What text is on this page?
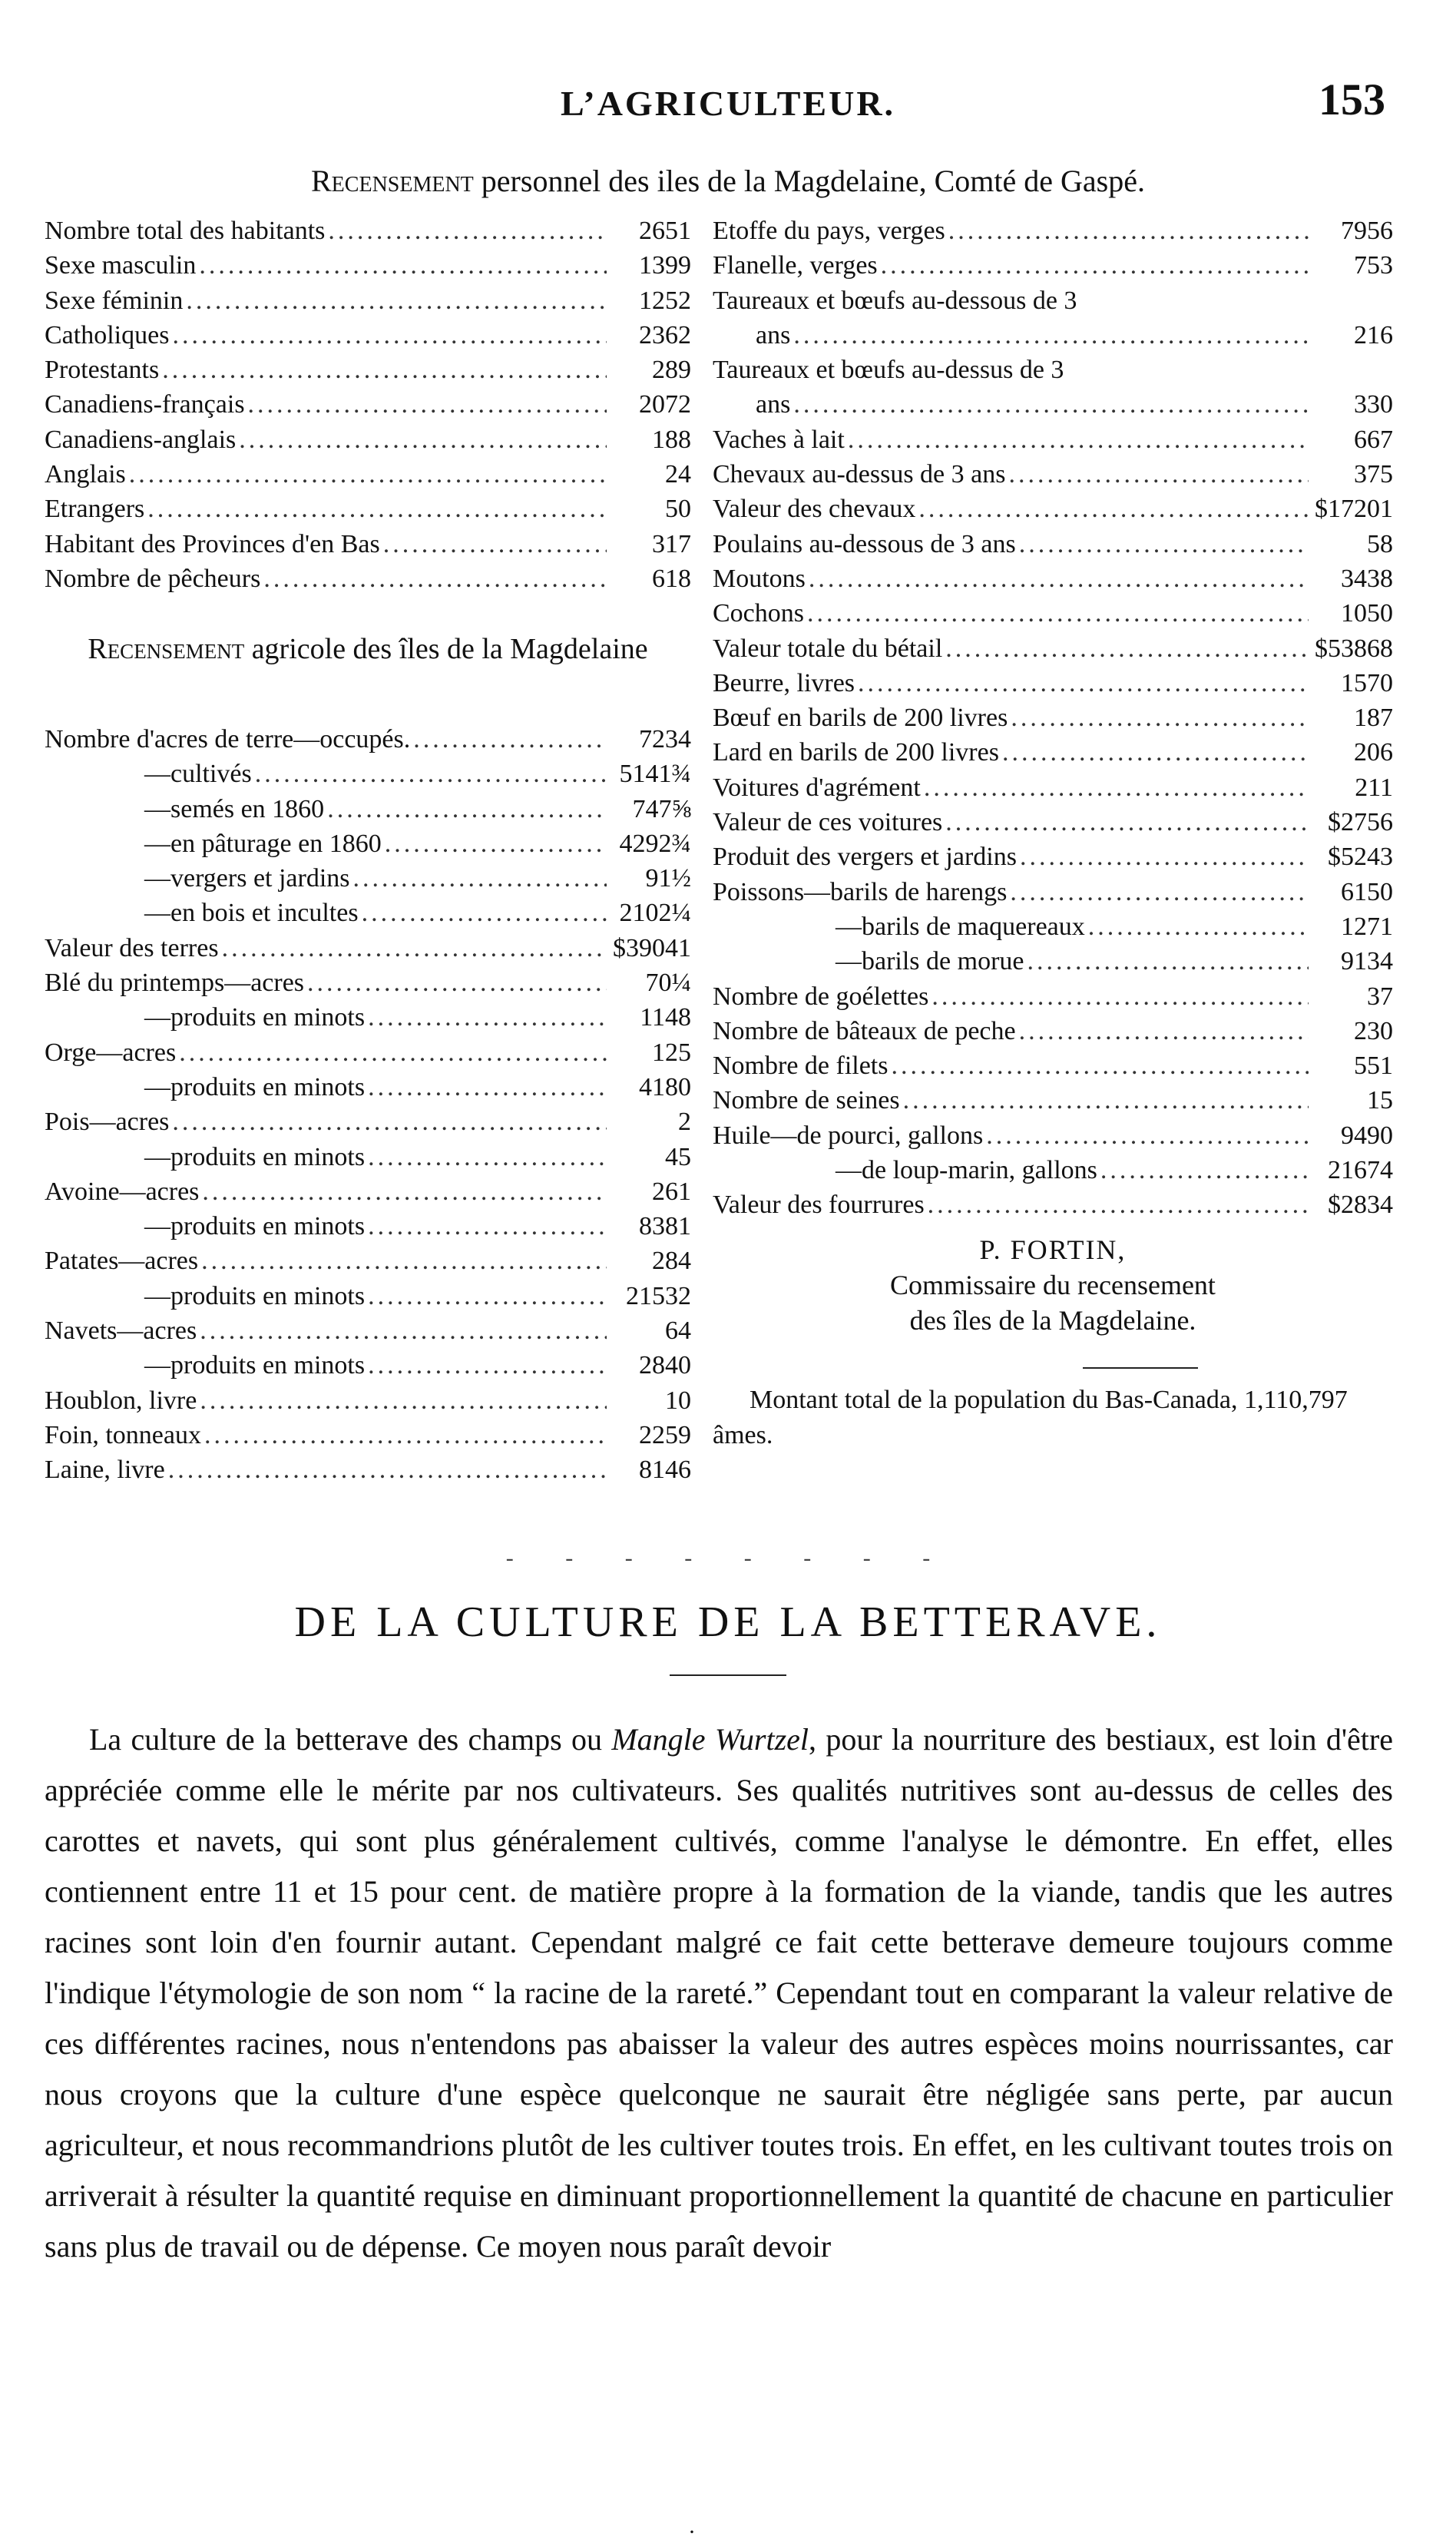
L’AGRICULTEUR.	153
Recensement personnel des iles de la Magdelaine, Comté de Gaspé.
Nombre total des habitants .....	2651
Sexe masculin .....	1399
Sexe féminin .....	1252
Catholiques .....	2362
Protestants .....	289
Canadiens-français .....	2072
Canadiens-anglais .....	188
Anglais .....	24
Etrangers .....	50
Habitant des Provinces d'en Bas .....	317
Nombre de pêcheurs .....	618
Recensement agricole des îles de la Magdelaine
Nombre d'acres de terre—occupés. .....	7234
—cultivés .....	5141¾
—semés en 1860 .....	747⅝
—en pâturage en 1860 .....	4292¾
—vergers et jardins .....	91½
—en bois et incultes .....	2102¼
Valeur des terres .....	$39041
Blé du printemps—acres .....	70¼
—produits en minots .....	1148
Orge—acres .....	125
—produits en minots .....	4180
Pois—acres .....	2
—produits en minots .....	45
Avoine—acres .....	261
—produits en minots .....	8381
Patates—acres .....	284
—produits en minots .....	21532
Navets—acres .....	64
—produits en minots .....	2840
Houblon, livre .....	10
Foin, tonneaux .....	2259
Laine, livre .....	8146
Etoffe du pays, verges .....	7956
Flanelle, verges .....	753
Taureaux et bœufs au-dessous de 3
ans .....	216
Taureaux et bœufs au-dessus de 3
ans .....	330
Vaches à lait .....	667
Chevaux au-dessus de 3 ans .....	375
Valeur des chevaux .....	$17201
Poulains au-dessous de 3 ans .....	58
Moutons .....	3438
Cochons .....	1050
Valeur totale du bétail .....	$53868
Beurre, livres .....	1570
Bœuf en barils de 200 livres .....	187
Lard en barils de 200 livres .....	206
Voitures d'agrément .....	211
Valeur de ces voitures .....	$2756
Produit des vergers et jardins .....	$5243
Poissons—barils de harengs .....	6150
—barils de maquereaux .....	1271
—barils de morue .....	9134
Nombre de goélettes .....	37
Nombre de bâteaux de peche .....	230
Nombre de filets .....	551
Nombre de seines .....	15
Huile—de pourci, gallons .....	9490
—de loup-marin, gallons .....	21674
Valeur des fourrures .....	$2834
P. FORTIN,
Commissaire du recensement
des îles de la Magdelaine.
Montant total de la population du Bas-Canada, 1,110,797 âmes.
- - - - - - - -
DE LA CULTURE DE LA BETTERAVE.
La culture de la betterave des champs ou Mangle Wurtzel, pour la nourriture des bestiaux, est loin d'être appréciée comme elle le mérite par nos cultivateurs. Ses qualités nutritives sont au-dessus de celles des carottes et navets, qui sont plus généralement cultivés, comme l'analyse le démontre. En effet, elles contiennent entre 11 et 15 pour cent. de matière propre à la formation de la viande, tandis que les autres racines sont loin d'en fournir autant. Cependant malgré ce fait cette betterave demeure toujours comme l'indique l'étymologie de son nom “ la racine de la rareté.” Cependant tout en comparant la valeur relative de ces différentes racines, nous n'entendons pas abaisser la valeur des autres espèces moins nourrissantes, car nous croyons que la culture d'une espèce quelconque ne saurait être négligée sans perte, par aucun agriculteur, et nous recommandrions plutôt de les cultiver toutes trois. En effet, en les cultivant toutes trois on arriverait à résulter la quantité requise en diminuant proportionnellement la quantité de chacune en particulier sans plus de travail ou de dépense. Ce moyen nous paraît devoir
·
